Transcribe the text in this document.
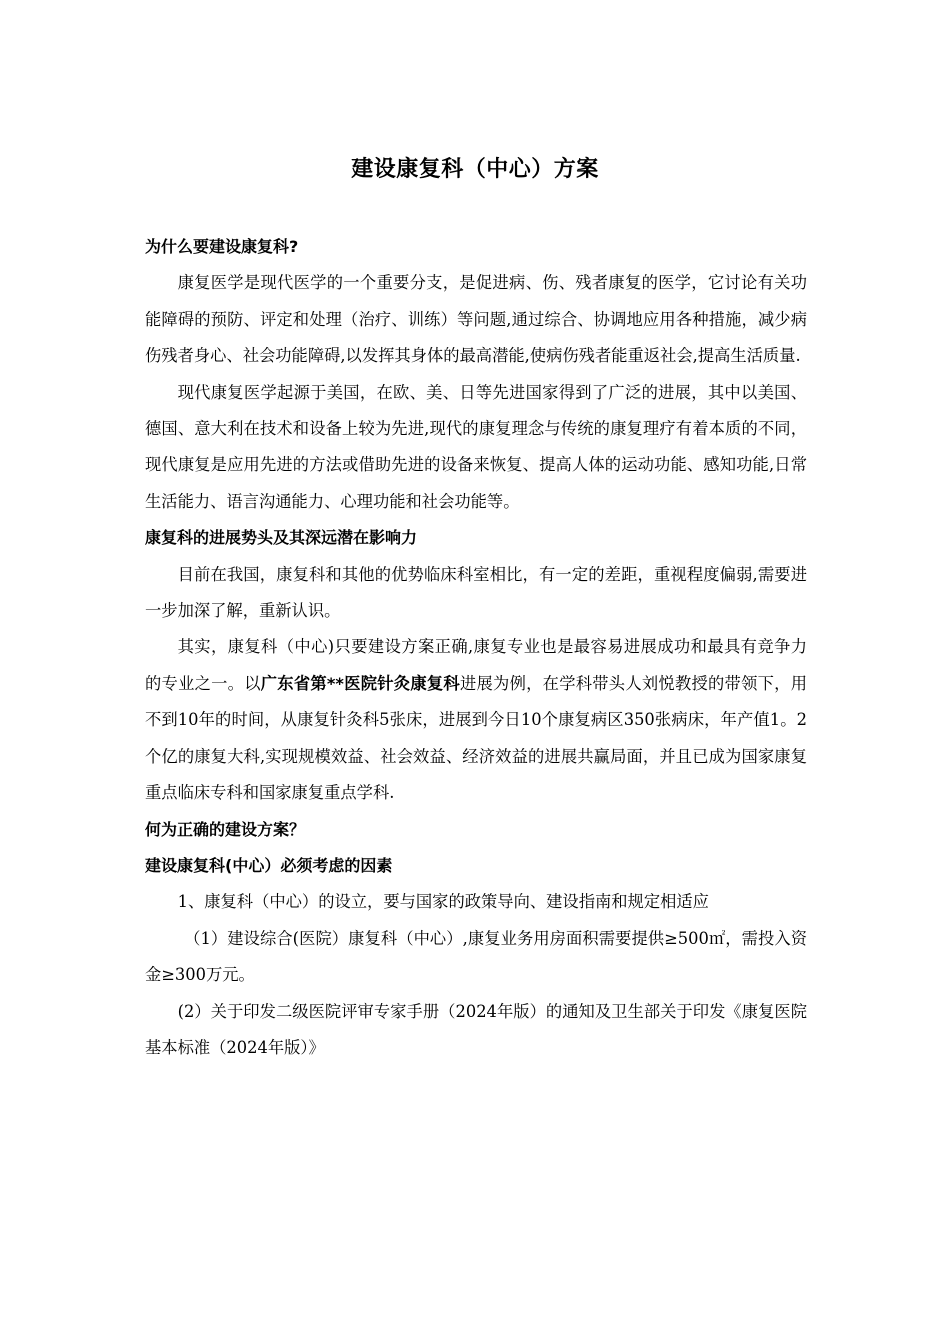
建设康复科（中心）方案

为什么要建设康复科?

康复医学是现代医学的一个重要分支，是促进病、伤、残者康复的医学，它讨论有关功能障碍的预防、评定和处理（治疗、训练）等问题,通过综合、协调地应用各种措施，减少病伤残者身心、社会功能障碍,以发挥其身体的最高潜能,使病伤残者能重返社会,提高生活质量.

现代康复医学起源于美国，在欧、美、日等先进国家得到了广泛的进展，其中以美国、德国、意大利在技术和设备上较为先进,现代的康复理念与传统的康复理疗有着本质的不同，现代康复是应用先进的方法或借助先进的设备来恢复、提高人体的运动功能、感知功能,日常生活能力、语言沟通能力、心理功能和社会功能等。

康复科的进展势头及其深远潜在影响力

目前在我国，康复科和其他的优势临床科室相比，有一定的差距，重视程度偏弱,需要进一步加深了解，重新认识。

其实，康复科（中心)只要建设方案正确,康复专业也是最容易进展成功和最具有竞争力的专业之一。以广东省第**医院针灸康复科进展为例，在学科带头人刘悦教授的带领下，用不到10年的时间，从康复针灸科5张床，进展到今日10个康复病区350张病床，年产值1。2个亿的康复大科,实现规模效益、社会效益、经济效益的进展共赢局面，并且已成为国家康复重点临床专科和国家康复重点学科.

何为正确的建设方案？

建设康复科(中心）必须考虑的因素

1、康复科（中心）的设立，要与国家的政策导向、建设指南和规定相适应

（1）建设综合(医院）康复科（中心）,康复业务用房面积需要提供≥500㎡，需投入资金≥300万元。

(2）关于印发二级医院评审专家手册（2024年版）的通知及卫生部关于印发《康复医院基本标准（2024年版）》
